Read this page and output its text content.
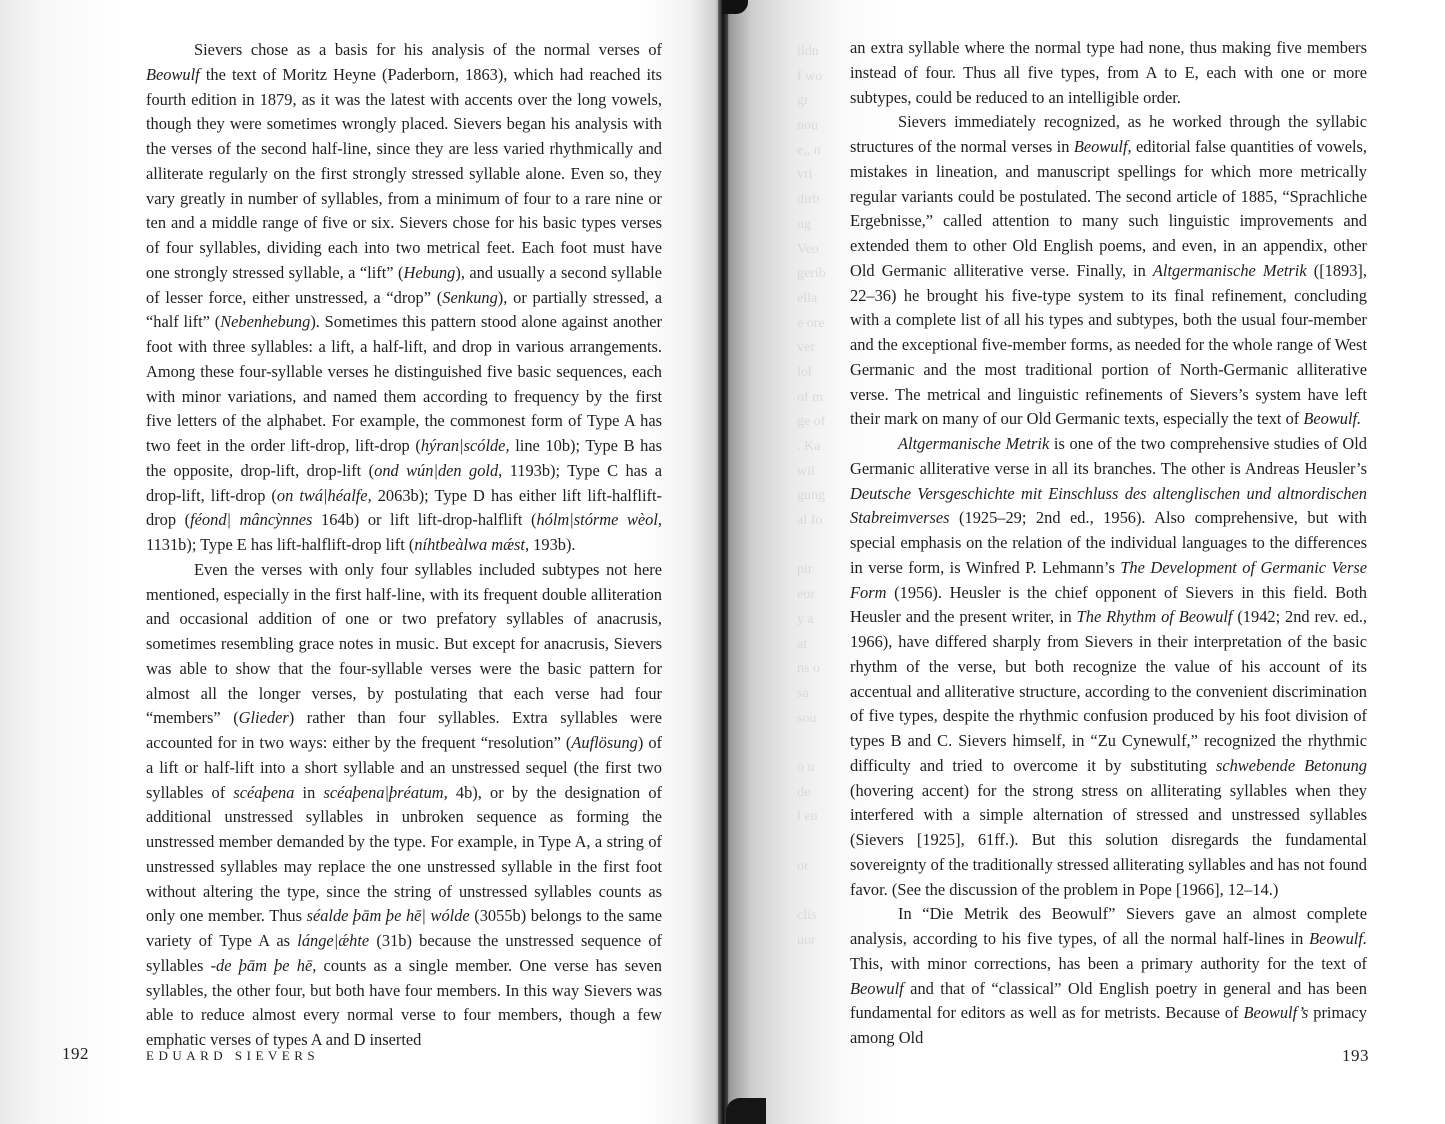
Sievers chose as a basis for his analysis of the normal verses of Beowulf the text of Moritz Heyne (Paderborn, 1863), which had reached its fourth edition in 1879, as it was the latest with accents over the long vowels, though they were sometimes wrongly placed. Sievers began his analysis with the verses of the second half-line, since they are less varied rhythmically and alliterate regularly on the first strongly stressed syllable alone. Even so, they vary greatly in number of syllables, from a minimum of four to a rare nine or ten and a middle range of five or six. Sievers chose for his basic types verses of four syllables, dividing each into two metrical feet. Each foot must have one strongly stressed syllable, a “lift” (Hebung), and usually a second syllable of lesser force, either unstressed, a “drop” (Senkung), or partially stressed, a “half lift” (Nebenhebung). Sometimes this pattern stood alone against another foot with three syllables: a lift, a half-lift, and drop in various arrangements. Among these four-syllable verses he distinguished five basic sequences, each with minor variations, and named them according to frequency by the first five letters of the alphabet. For example, the commonest form of Type A has two feet in the order lift-drop, lift-drop (hýran|scólde, line 10b); Type B has the opposite, drop-lift, drop-lift (ond wún|den gold, 1193b); Type C has a drop-lift, lift-drop (on twá|héalfe, 2063b); Type D has either lift lift-halflift-drop (féond| mâncỳnnes 164b) or lift lift-drop-halflift (hólm|stórme wèol, 1131b); Type E has lift-halflift-drop lift (níhtbeàlwa mǽst, 193b).

Even the verses with only four syllables included subtypes not here mentioned, especially in the first half-line, with its frequent double alliteration and occasional addition of one or two prefatory syllables of anacrusis, sometimes resembling grace notes in music. But except for anacrusis, Sievers was able to show that the four-syllable verses were the basic pattern for almost all the longer verses, by postulating that each verse had four “members” (Glieder) rather than four syllables. Extra syllables were accounted for in two ways: either by the frequent “resolution” (Auflösung) of a lift or half-lift into a short syllable and an unstressed sequel (the first two syllables of scéaþena in scéaþena|þréatum, 4b), or by the designation of additional unstressed syllables in unbroken sequence as forming the unstressed member demanded by the type. For example, in Type A, a string of unstressed syllables may replace the one unstressed syllable in the first foot without altering the type, since the string of unstressed syllables counts as only one member. Thus séalde þām þe hē| wólde (3055b) belongs to the same variety of Type A as lánge|ǽhte (31b) because the unstressed sequence of syllables -de þām þe hē, counts as a single member. One verse has seven syllables, the other four, but both have four members. In this way Sievers was able to reduce almost every normal verse to four members, though a few emphatic verses of types A and D inserted

192	EDUARD SIEVERS
ildn
f wo
gr
nou
e,, n
vri
dirb
ug
Veo
gerib
ella
e ore
ver
lol
of m
ge of
. Ka
wil
gung
al fo
pir
eor
y a
at
ns o
sa
sou
o u
de
l en
or
clis
uor

an extra syllable where the normal type had none, thus making five members instead of four. Thus all five types, from A to E, each with one or more subtypes, could be reduced to an intelligible order.

Sievers immediately recognized, as he worked through the syllabic structures of the normal verses in Beowulf, editorial false quantities of vowels, mistakes in lineation, and manuscript spellings for which more metrically regular variants could be postulated. The second article of 1885, “Sprachliche Ergebnisse,” called attention to many such linguistic improvements and extended them to other Old English poems, and even, in an appendix, other Old Germanic alliterative verse. Finally, in Altgermanische Metrik ([1893], 22–36) he brought his five-type system to its final refinement, concluding with a complete list of all his types and subtypes, both the usual four-member and the exceptional five-member forms, as needed for the whole range of West Germanic and the most traditional portion of North-Germanic alliterative verse. The metrical and linguistic refinements of Sievers’s system have left their mark on many of our Old Germanic texts, especially the text of Beowulf.

Altgermanische Metrik is one of the two comprehensive studies of Old Germanic alliterative verse in all its branches. The other is Andreas Heusler’s Deutsche Versgeschichte mit Einschluss des altenglischen und altnordischen Stabreimverses (1925–29; 2nd ed., 1956). Also comprehensive, but with special emphasis on the relation of the individual languages to the differences in verse form, is Winfred P. Lehmann’s The Development of Germanic Verse Form (1956). Heusler is the chief opponent of Sievers in this field. Both Heusler and the present writer, in The Rhythm of Beowulf (1942; 2nd rev. ed., 1966), have differed sharply from Sievers in their interpretation of the basic rhythm of the verse, but both recognize the value of his account of its accentual and alliterative structure, according to the convenient discrimination of five types, despite the rhythmic confusion produced by his foot division of types B and C. Sievers himself, in “Zu Cynewulf,” recognized the rhythmic difficulty and tried to overcome it by substituting schwebende Betonung (hovering accent) for the strong stress on alliterating syllables when they interfered with a simple alternation of stressed and unstressed syllables (Sievers [1925], 61ff.). But this solution disregards the fundamental sovereignty of the traditionally stressed alliterating syllables and has not found favor. (See the discussion of the problem in Pope [1966], 12–14.)

In “Die Metrik des Beowulf” Sievers gave an almost complete analysis, according to his five types, of all the normal half-lines in Beowulf. This, with minor corrections, has been a primary authority for the text of Beowulf and that of “classical” Old English poetry in general and has been fundamental for editors as well as for metrists. Because of Beowulf’s primacy among Old

193
